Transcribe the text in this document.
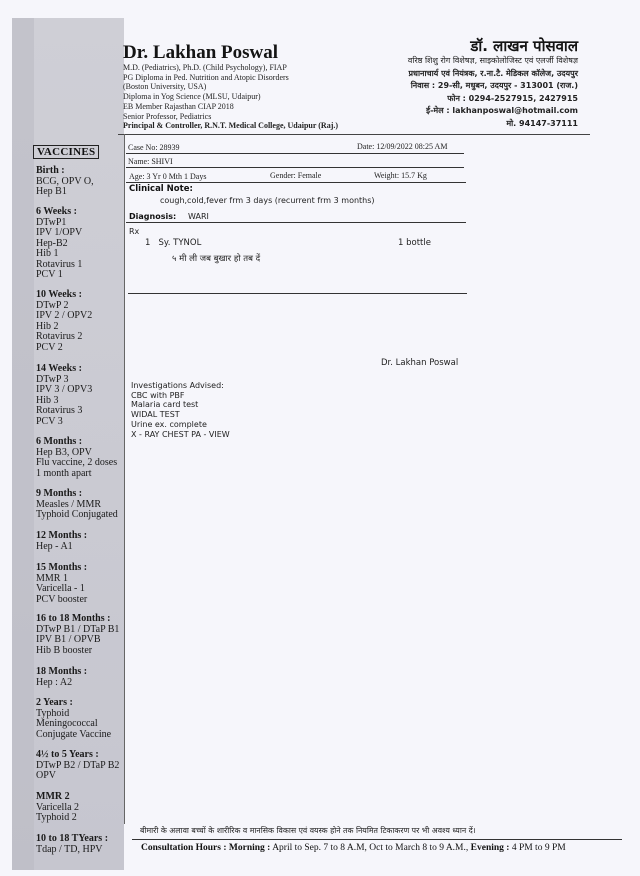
VACCINES
Birth :
BCG, OPV O,
Hep B1
6 Weeks :
DTwP1
IPV 1/OPV
Hep-B2
Hib 1
Rotavirus 1
PCV 1
10 Weeks :
DTwP 2
IPV 2 / OPV2
Hib 2
Rotavirus 2
PCV 2
14 Weeks :
DTwP 3
IPV 3 / OPV3
Hib 3
Rotavirus 3
PCV 3
6 Months :
Hep B3, OPV
Flu vaccine, 2 doses
1 month apart
9 Months :
Measles / MMR
Typhoid Conjugated
12 Months :
Hep - A1
15 Months :
MMR 1
Varicella - 1
PCV booster
16 to 18 Months :
DTwP B1 / DTaP B1
IPV B1 / OPVB
Hib B booster
18 Months :
Hep : A2
2 Years :
Typhoid
Meningococcal
Conjugate Vaccine
4½ to 5 Years :
DTwP B2 / DTaP B2
OPV
MMR 2
Varicella 2
Typhoid 2
10 to 18 TYears :
Tdap / TD, HPV
Dr. Lakhan Poswal
M.D. (Pediatrics), Ph.D. (Child Psychology), FIAP
PG Diploma in Ped. Nutrition and Atopic Disorders
(Boston University, USA)
Diploma in Yog Science (MLSU, Udaipur)
EB Member Rajasthan CIAP 2018
Senior Professor, Pediatrics
Principal & Controller, R.N.T. Medical College, Udaipur (Raj.)
डॉ. लाखन पोसवाल
वरिष्ठ शिशु रोग विशेषज्ञ, साइकोलोजिस्ट एवं एलर्जी विशेषज्ञ
प्रधानाचार्य एवं नियंत्रक, र.ना.टै. मेडिकल कॉलेज, उदयपुर
निवास : 29-सी, मधुबन, उदयपुर - 313001 (राज.)
फोन : 0294-2527915, 2427915
ई-मेल : lakhanposwal@hotmail.com
मो. 94147-37111
Case No: 28939	Date: 12/09/2022 08:25 AM
Name: SHIVI
Age: 3 Yr 0 Mth 1 Days	Gender: Female	Weight: 15.7 Kg
Clinical Note:
cough,cold,fever frm 3 days (recurrent frm 3 months)
Diagnosis: WARI
Rx
1 Sy. TYNOL	1 bottle
५ मी ली जब बुखार हो तब दें
Dr. Lakhan Poswal
Investigations Advised:
CBC with PBF
Malaria card test
WIDAL TEST
Urine ex. complete
X - RAY CHEST PA - VIEW
बीमारी के अलावा बच्चों के शारीरिक व मानसिक विकास एवं वयस्क होने तक नियमित टिकाकरण पर भी अवश्य ध्यान दें।
Consultation Hours : Morning : April to Sep. 7 to 8 A.M, Oct to March 8 to 9 A.M., Evening : 4 PM to 9 PM
